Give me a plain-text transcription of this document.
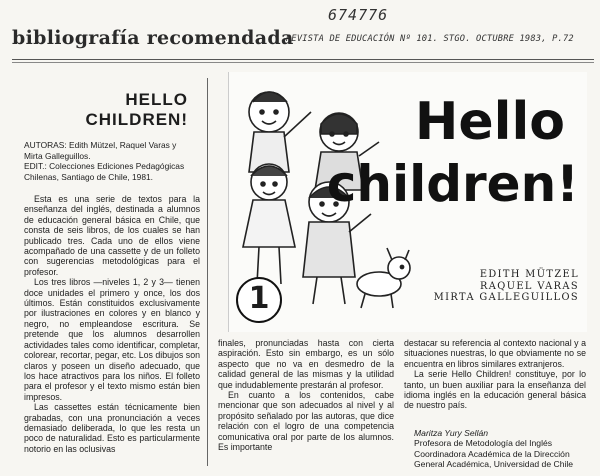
674776
REVISTA DE EDUCACIÓN Nº 101. STGO. OCTUBRE 1983, P.72
bibliografía recomendada
HELLO
CHILDREN!
AUTORAS: Edith Mützel, Raquel Varas y
Mirta Galleguillos.
EDIT.: Colecciones Ediciones Pedagógicas
Chilenas, Santiago de Chile, 1981.

Esta es una serie de textos para la enseñanza del inglés, destinada a alumnos de educación general básica en Chile, que consta de seis libros, de los cuales se han publicado tres. Cada uno de ellos viene acompañado de una cassette y de un folleto con sugerencias metodológicas para el profesor.

Los tres libros —niveles 1, 2 y 3— tienen doce unidades el primero y once, los dos últimos. Están constituidos exclusivamente por ilustraciones en colores y en blanco y negro, no empleandose escritura. Se pretende que los alumnos desarrollen actividades tales como identificar, completar, colorear, recortar, pegar, etc. Los dibujos son claros y poseen un diseño adecuado, que los hace atractivos para los niños. El folleto para el profesor y el texto mismo están bien impresos.

Las cassettes están técnicamente bien grabadas, con una pronunciación a veces demasiado deliberada, lo que les resta un poco de naturalidad. Esto es particularmente notorio en las oclusivas

Hello
children!
1
EDITH MÜTZEL
RAQUEL VARAS
MIRTA GALLEGUILLOS

finales, pronunciadas hasta con cierta aspiración. Esto sin embargo, es un sólo aspecto que no va en desmedro de la calidad general de las mismas y la utilidad que indudablemente prestarán al profesor.

En cuanto a los contenidos, cabe mencionar que son adecuados al nivel y al propósito señalado por las autoras, que dice relación con el logro de una competencia comunicativa oral por parte de los alumnos. Es importante

destacar su referencia al contexto nacional y a situaciones nuestras, lo que obviamente no se encuentra en libros similares extranjeros.

La serie Hello Children! constituye, por lo tanto, un buen auxiliar para la enseñanza del idioma inglés en la educación general básica de nuestro país.

Maritza Yury Sellán
Profesora de Metodología del Inglés
Coordinadora Académica de la Dirección
General Académica, Universidad de Chile
